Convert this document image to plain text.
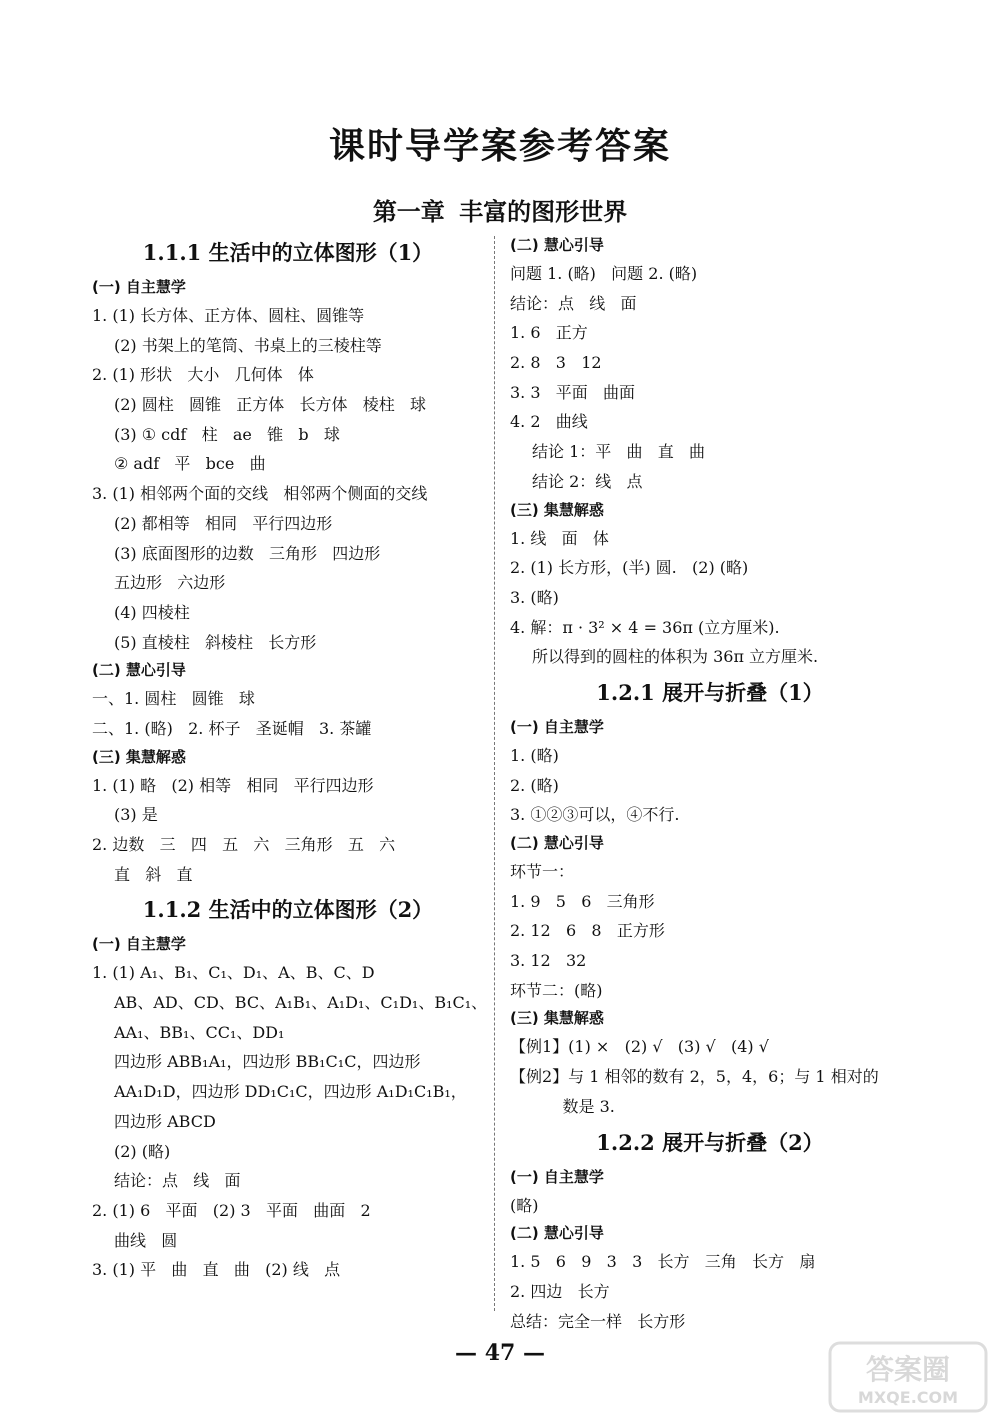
课时导学案参考答案
第一章 丰富的图形世界
1.1.1 生活中的立体图形（1）
(一) 自主慧学
1. (1) 长方体、正方体、圆柱、圆锥等
(2) 书架上的笔筒、书桌上的三棱柱等
2. (1) 形状   大小   几何体   体
(2) 圆柱   圆锥   正方体   长方体   棱柱   球
(3) ① cdf   柱   ae   锥   b   球
② adf   平   bce   曲
3. (1) 相邻两个面的交线   相邻两个侧面的交线
(2) 都相等   相同   平行四边形
(3) 底面图形的边数   三角形   四边形
五边形   六边形
(4) 四棱柱
(5) 直棱柱   斜棱柱   长方形
(二) 慧心引导
一、1. 圆柱   圆锥   球
二、1. (略)   2. 杯子   圣诞帽   3. 茶罐
(三) 集慧解惑
1. (1) 略   (2) 相等   相同   平行四边形
(3) 是
2. 边数   三   四   五   六   三角形   五   六
直   斜   直
1.1.2 生活中的立体图形（2）
(一) 自主慧学
1. (1) A₁、B₁、C₁、D₁、A、B、C、D
AB、AD、CD、BC、A₁B₁、A₁D₁、C₁D₁、B₁C₁、
AA₁、BB₁、CC₁、DD₁
四边形 ABB₁A₁，四边形 BB₁C₁C，四边形
AA₁D₁D，四边形 DD₁C₁C，四边形 A₁D₁C₁B₁，
四边形 ABCD
(2) (略)
结论：点   线   面
2. (1) 6   平面   (2) 3   平面   曲面   2
曲线   圆
3. (1) 平   曲   直   曲   (2) 线   点
(二) 慧心引导
问题 1. (略)   问题 2. (略)
结论：点   线   面
1. 6   正方
2. 8   3   12
3. 3   平面   曲面
4. 2   曲线
结论 1：平   曲   直   曲
结论 2：线   点
(三) 集慧解惑
1. 线   面   体
2. (1) 长方形，(半) 圆.   (2) (略)
3. (略)
4. 解：π · 3² × 4 = 36π (立方厘米).
所以得到的圆柱的体积为 36π 立方厘米.
1.2.1 展开与折叠（1）
(一) 自主慧学
1. (略)
2. (略)
3. ①②③可以，④不行.
(二) 慧心引导
环节一：
1. 9   5   6   三角形
2. 12   6   8   正方形
3. 12   32
环节二：(略)
(三) 集慧解惑
【例1】(1) ×   (2) √   (3) √   (4) √
【例2】与 1 相邻的数有 2，5，4，6；与 1 相对的
数是 3.
1.2.2 展开与折叠（2）
(一) 自主慧学
(略)
(二) 慧心引导
1. 5   6   9   3   3   长方   三角   长方   扇
2. 四边   长方
总结：完全一样   长方形
— 47 —	答案圈
MXQE.COM
